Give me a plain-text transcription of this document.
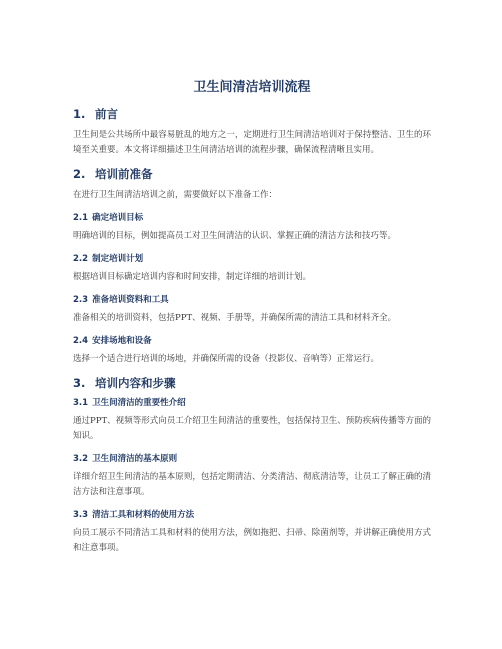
卫生间清洁培训流程
1. 前言
卫生间是公共场所中最容易脏乱的地方之一，定期进行卫生间清洁培训对于保持整洁、卫生的环境至关重要。本文将详细描述卫生间清洁培训的流程步骤，确保流程清晰且实用。
2. 培训前准备
在进行卫生间清洁培训之前，需要做好以下准备工作：
2.1 确定培训目标
明确培训的目标，例如提高员工对卫生间清洁的认识、掌握正确的清洁方法和技巧等。
2.2 制定培训计划
根据培训目标确定培训内容和时间安排，制定详细的培训计划。
2.3 准备培训资料和工具
准备相关的培训资料，包括PPT、视频、手册等，并确保所需的清洁工具和材料齐全。
2.4 安排场地和设备
选择一个适合进行培训的场地，并确保所需的设备（投影仪、音响等）正常运行。
3. 培训内容和步骤
3.1 卫生间清洁的重要性介绍
通过PPT、视频等形式向员工介绍卫生间清洁的重要性，包括保持卫生、预防疾病传播等方面的知识。
3.2 卫生间清洁的基本原则
详细介绍卫生间清洁的基本原则，包括定期清洁、分类清洁、彻底清洁等，让员工了解正确的清洁方法和注意事项。
3.3 清洁工具和材料的使用方法
向员工展示不同清洁工具和材料的使用方法，例如拖把、扫帚、除菌剂等，并讲解正确使用方式和注意事项。
